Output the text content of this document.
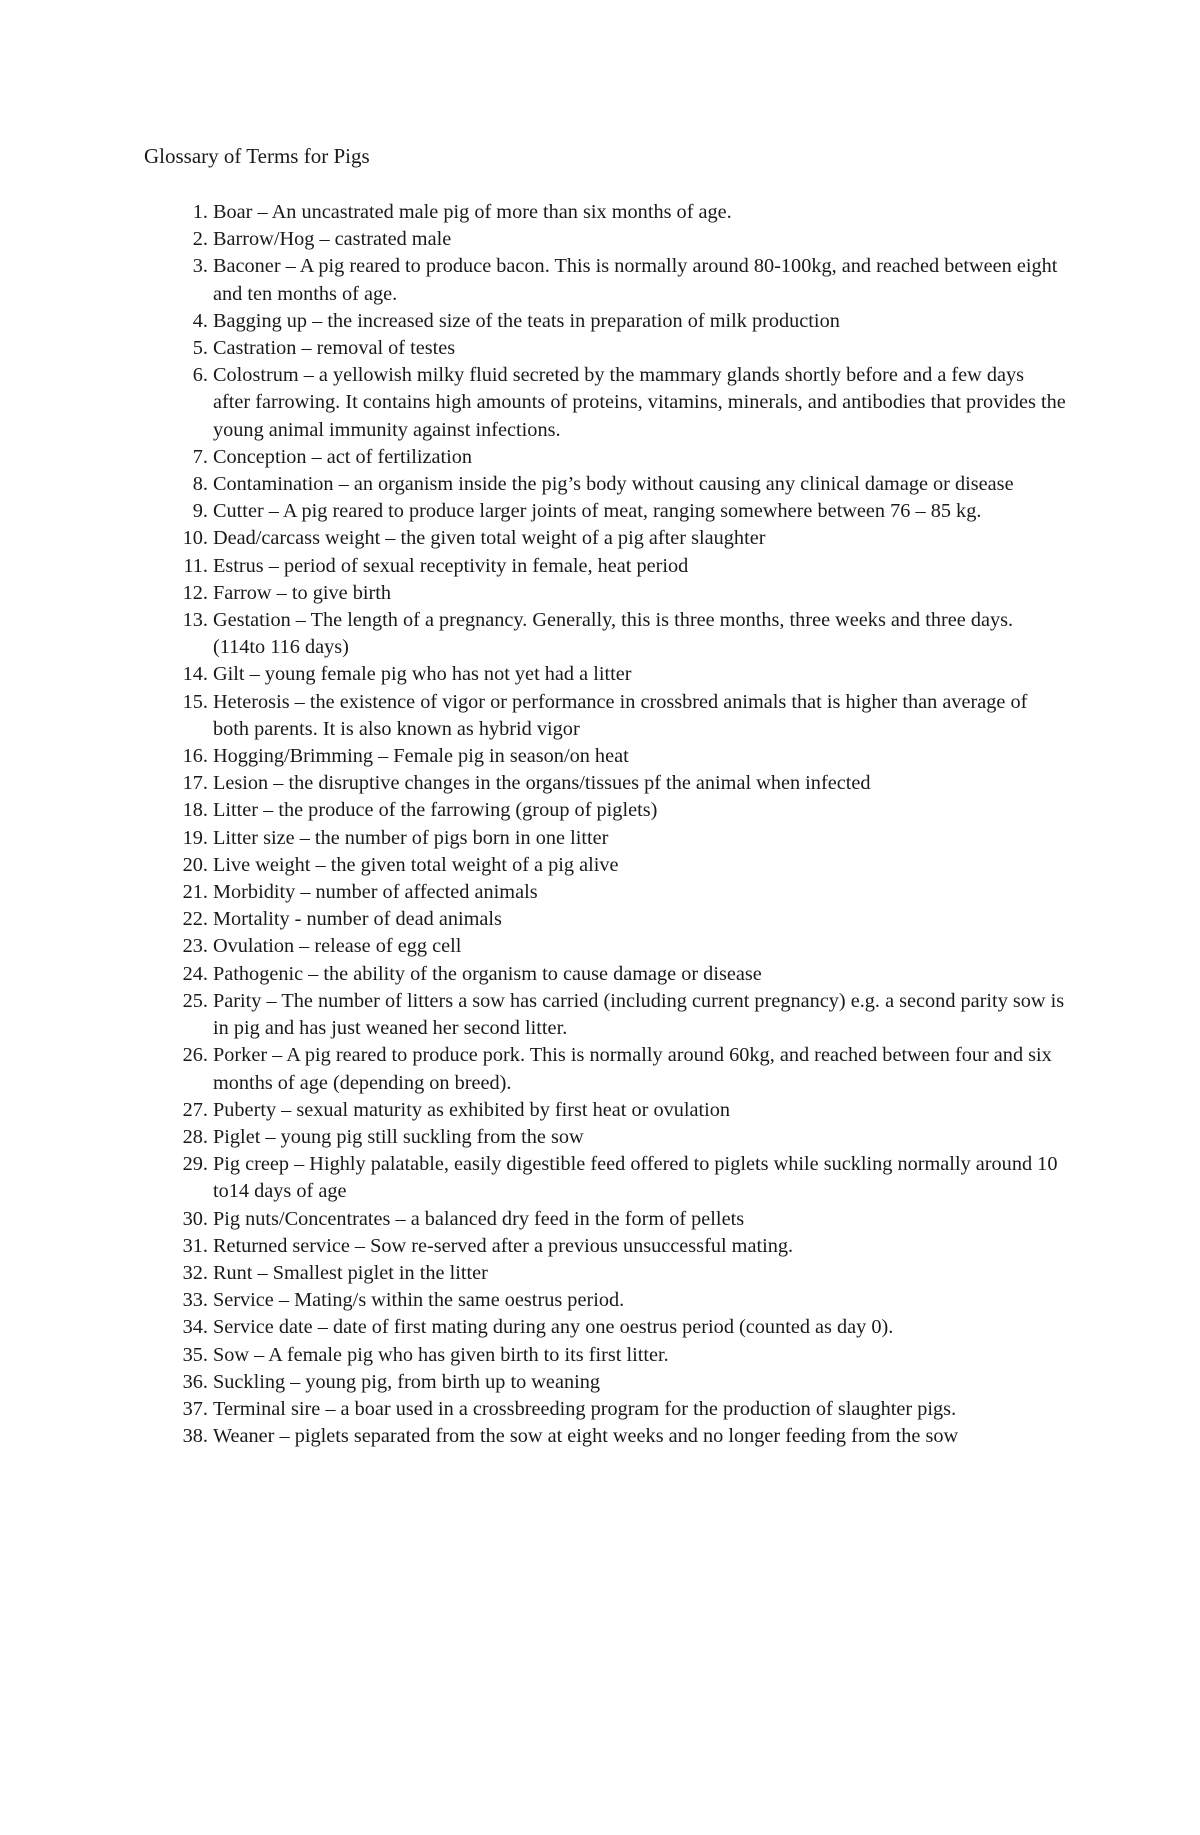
Glossary of Terms for Pigs
1. Boar – An uncastrated male pig of more than six months of age.
2. Barrow/Hog – castrated male
3. Baconer – A pig reared to produce bacon. This is normally around 80-100kg, and reached between eight and ten months of age.
4. Bagging up – the increased size of the teats in preparation of milk production
5. Castration – removal of testes
6. Colostrum – a yellowish milky fluid secreted by the mammary glands shortly before and a few days after farrowing. It contains high amounts of proteins, vitamins, minerals, and antibodies that provides the young animal immunity against infections.
7. Conception – act of fertilization
8. Contamination – an organism inside the pig’s body without causing any clinical damage or disease
9. Cutter – A pig reared to produce larger joints of meat, ranging somewhere between 76 – 85 kg.
10. Dead/carcass weight – the given total weight of a pig after slaughter
11. Estrus – period of sexual receptivity in female, heat period
12. Farrow – to give birth
13. Gestation – The length of a pregnancy. Generally, this is three months, three weeks and three days. (114to 116 days)
14. Gilt – young female pig who has not yet had a litter
15. Heterosis – the existence of vigor or performance in crossbred animals that is higher than average of both parents. It is also known as hybrid vigor
16. Hogging/Brimming – Female pig in season/on heat
17. Lesion – the disruptive changes in the organs/tissues pf the animal when infected
18. Litter – the produce of the farrowing (group of piglets)
19. Litter size – the number of pigs born in one litter
20. Live weight – the given total weight of a pig alive
21. Morbidity – number of affected animals
22. Mortality - number of dead animals
23. Ovulation – release of egg cell
24. Pathogenic – the ability of the organism to cause damage or disease
25. Parity – The number of litters a sow has carried (including current pregnancy) e.g. a second parity sow is in pig and has just weaned her second litter.
26. Porker – A pig reared to produce pork. This is normally around 60kg, and reached between four and six months of age (depending on breed).
27. Puberty – sexual maturity as exhibited by first heat or ovulation
28. Piglet – young pig still suckling from the sow
29. Pig creep – Highly palatable, easily digestible feed offered to piglets while suckling normally around 10 to14 days of age
30. Pig nuts/Concentrates – a balanced dry feed in the form of pellets
31. Returned service – Sow re-served after a previous unsuccessful mating.
32. Runt – Smallest piglet in the litter
33. Service – Mating/s within the same oestrus period.
34. Service date – date of first mating during any one oestrus period (counted as day 0).
35. Sow – A female pig who has given birth to its first litter.
36. Suckling – young pig, from birth up to weaning
37. Terminal sire – a boar used in a crossbreeding program for the production of slaughter pigs.
38. Weaner – piglets separated from the sow at eight weeks and no longer feeding from the sow
